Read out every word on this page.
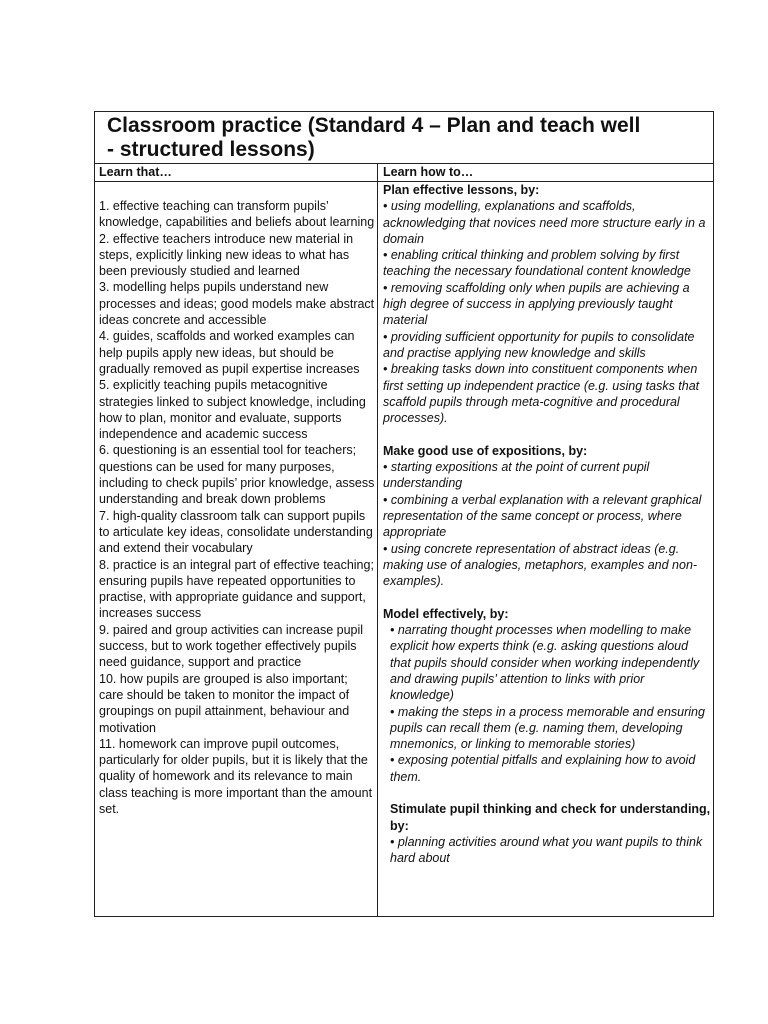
Classroom practice (Standard 4 – Plan and teach well
- structured lessons)
Learn that…	Learn how to…

1. effective teaching can transform pupils’ knowledge, capabilities and beliefs about learning

2. effective teachers introduce new material in steps, explicitly linking new ideas to what has been previously studied and learned

3. modelling helps pupils understand new processes and ideas; good models make abstract ideas concrete and accessible

4. guides, scaffolds and worked examples can help pupils apply new ideas, but should be gradually removed as pupil expertise increases

5. explicitly teaching pupils metacognitive strategies linked to subject knowledge, including how to plan, monitor and evaluate, supports independence and academic success

6. questioning is an essential tool for teachers; questions can be used for many purposes, including to check pupils’ prior knowledge, assess understanding and break down problems

7. high-quality classroom talk can support pupils to articulate key ideas, consolidate understanding and extend their vocabulary

8. practice is an integral part of effective teaching; ensuring pupils have repeated opportunities to practise, with appropriate guidance and support, increases success

9. paired and group activities can increase pupil success, but to work together effectively pupils need guidance, support and practice

10. how pupils are grouped is also important; care should be taken to monitor the impact of groupings on pupil attainment, behaviour and motivation

11. homework can improve pupil outcomes, particularly for older pupils, but it is likely that the quality of homework and its relevance to main class teaching is more important than the amount set.

Plan effective lessons, by:

• using modelling, explanations and scaffolds, acknowledging that novices need more structure early in a domain

• enabling critical thinking and problem solving by first teaching the necessary foundational content knowledge

• removing scaffolding only when pupils are achieving a high degree of success in applying previously taught material

• providing sufficient opportunity for pupils to consolidate and practise applying new knowledge and skills

• breaking tasks down into constituent components when first setting up independent practice (e.g. using tasks that scaffold pupils through meta-cognitive and procedural processes).

Make good use of expositions, by:

• starting expositions at the point of current pupil understanding

• combining a verbal explanation with a relevant graphical representation of the same concept or process, where appropriate

• using concrete representation of abstract ideas (e.g. making use of analogies, metaphors, examples and non-examples).

Model effectively, by:

• narrating thought processes when modelling to make explicit how experts think (e.g. asking questions aloud that pupils should consider when working independently and drawing pupils’ attention to links with prior knowledge)

• making the steps in a process memorable and ensuring pupils can recall them (e.g. naming them, developing mnemonics, or linking to memorable stories)

• exposing potential pitfalls and explaining how to avoid them.

Stimulate pupil thinking and check for understanding, by:

• planning activities around what you want pupils to think hard about
